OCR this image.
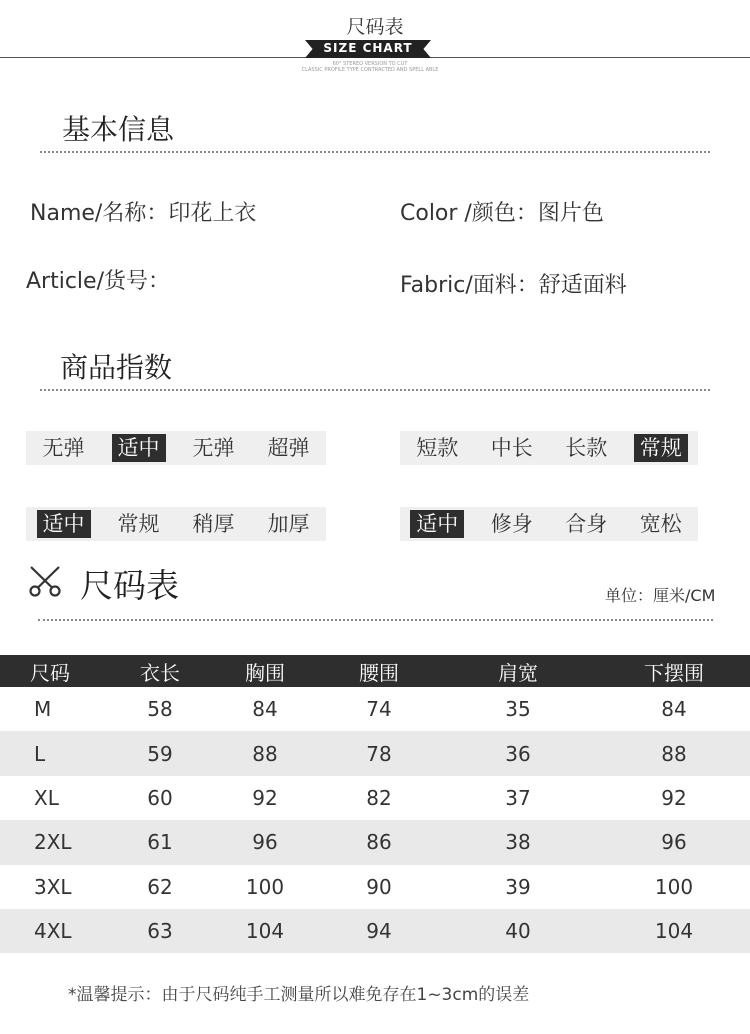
尺码表
SIZE CHART
60° STEREO VERSION TO CUT
CLASSIC PROFILE TYPE CONTRACTED AND SPELL ABLE
基本信息
Name/名称：印花上衣	Color /颜色：图片色
Article/货号：	Fabric/面料：舒适面料
商品指数
无弹 适中 无弹 超弹	短款 中长 长款 常规
适中 常规 稍厚 加厚	适中 修身 合身 宽松
尺码表	单位：厘米/CM
尺码	衣长	胸围	腰围	肩宽	下摆围
M	58	84	74	35	84
L	59	88	78	36	88
XL	60	92	82	37	92
2XL	61	96	86	38	96
3XL	62	100	90	39	100
4XL	63	104	94	40	104
*温馨提示：由于尺码纯手工测量所以难免存在1~3cm的误差
